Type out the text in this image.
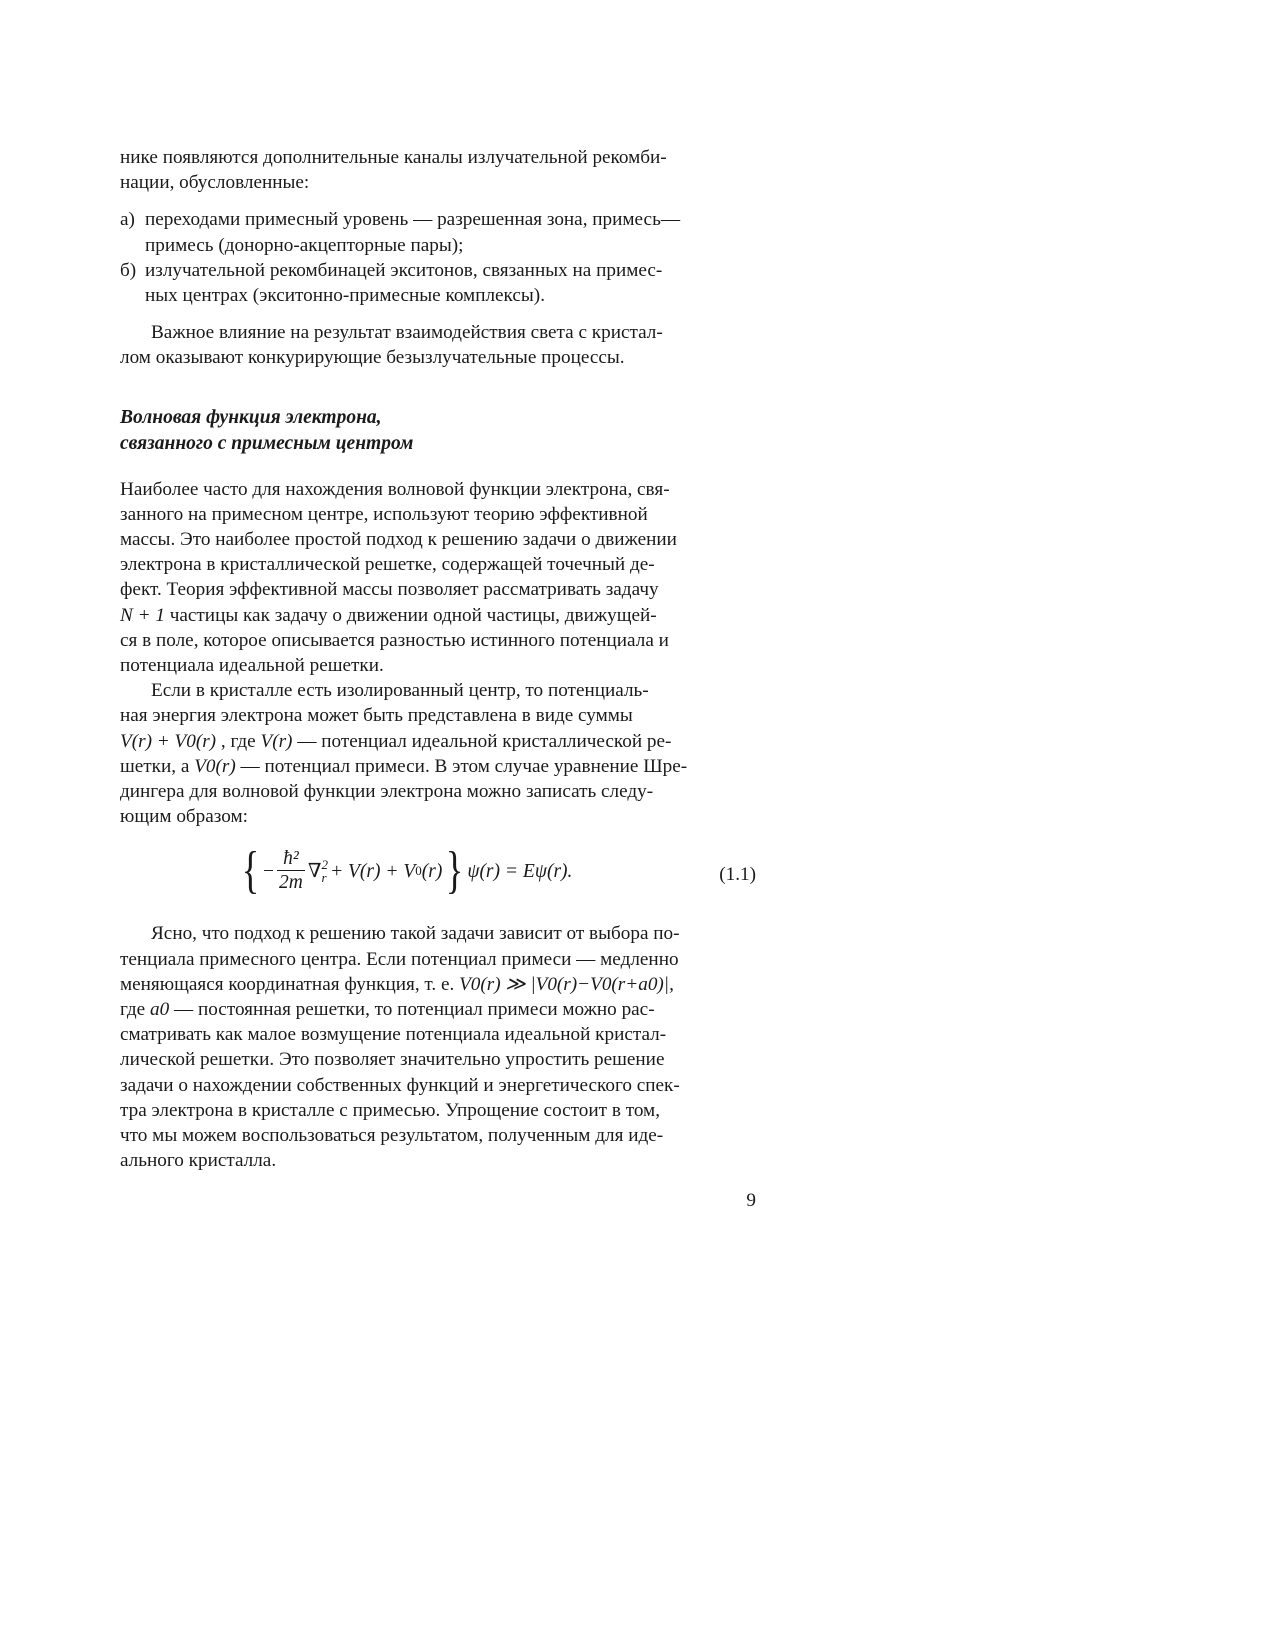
нике появляются дополнительные каналы излучательной рекомби-
нации, обусловленные:

а) переходами примесный уровень — разрешенная зона, примесь—
примесь (донорно-акцепторные пары);
б) излучательной рекомбинацей экситонов, связанных на примес-
ных центрах (экситонно-примесные комплексы).

Важное влияние на результат взаимодействия света с кристал-
лом оказывают конкурирующие безызлучательные процессы.

Волновая функция электрона,
связанного с примесным центром

Наиболее часто для нахождения волновой функции электрона, свя-
занного на примесном центре, используют теорию эффективной
массы. Это наиболее простой подход к решению задачи о движении
электрона в кристаллической решетке, содержащей точечный де-
фект. Теория эффективной массы позволяет рассматривать задачу
N + 1 частицы как задачу о движении одной частицы, движущей-
ся в поле, которое описывается разностью истинного потенциала и
потенциала идеальной решетки.

Если в кристалле есть изолированный центр, то потенциаль-
ная энергия электрона может быть представлена в виде суммы
V(r) + V0(r) , где V(r) — потенциал идеальной кристаллической ре-
шетки, а V0(r) — потенциал примеси. В этом случае уравнение Шре-
дингера для волновой функции электрона можно записать следу-
ющим образом:

{ − $\frac{\text{ħ²}}{2m}$ ∇ 2
r + V(r) + V 0 (r) } ψ(r) = Eψ(r).	(1.1)

Ясно, что подход к решению такой задачи зависит от выбора по-
тенциала примесного центра. Если потенциал примеси — медленно
меняющаяся координатная функция, т. е. V0(r) ≫ |V0(r)−V0(r+a0)|,
где a0 — постоянная решетки, то потенциал примеси можно рас-
сматривать как малое возмущение потенциала идеальной кристал-
лической решетки. Это позволяет значительно упростить решение
задачи о нахождении собственных функций и энергетического спек-
тра электрона в кристалле с примесью. Упрощение состоит в том,
что мы можем воспользоваться результатом, полученным для иде-
ального кристалла.

9
